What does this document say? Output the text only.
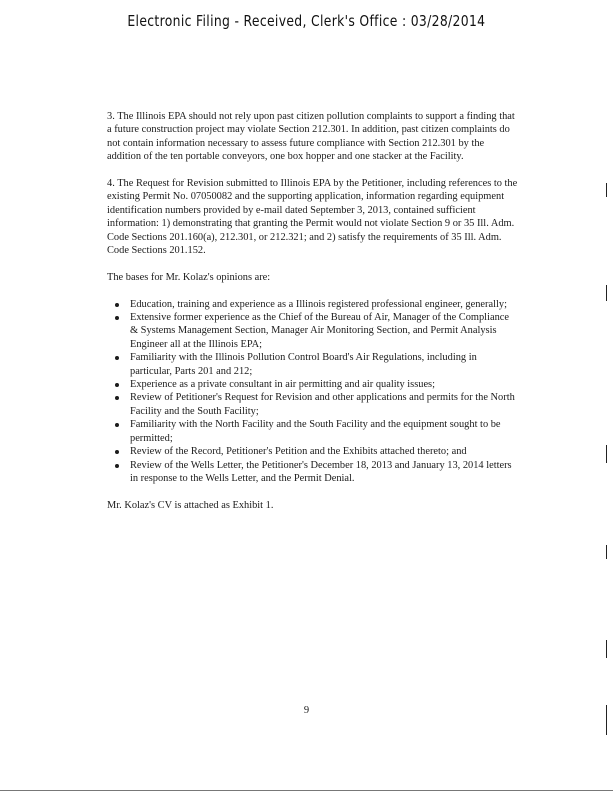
Electronic Filing - Received, Clerk's Office : 03/28/2014

3. The Illinois EPA should not rely upon past citizen pollution complaints to support a finding that a future construction project may violate Section 212.301. In addition, past citizen complaints do not contain information necessary to assess future compliance with Section 212.301 by the addition of the ten portable conveyors, one box hopper and one stacker at the Facility.

4. The Request for Revision submitted to Illinois EPA by the Petitioner, including references to the existing Permit No. 07050082 and the supporting application, information regarding equipment identification numbers provided by e-mail dated September 3, 2013, contained sufficient information: 1) demonstrating that granting the Permit would not violate Section 9 or 35 Ill. Adm. Code Sections 201.160(a), 212.301, or 212.321; and 2) satisfy the requirements of 35 Ill. Adm. Code Sections 201.152.

The bases for Mr. Kolaz's opinions are:

Education, training and experience as a Illinois registered professional engineer, generally;
Extensive former experience as the Chief of the Bureau of Air, Manager of the Compliance & Systems Management Section, Manager Air Monitoring Section, and Permit Analysis Engineer all at the Illinois EPA;
Familiarity with the Illinois Pollution Control Board's Air Regulations, including in particular, Parts 201 and 212;
Experience as a private consultant in air permitting and air quality issues;
Review of Petitioner's Request for Revision and other applications and permits for the North Facility and the South Facility;
Familiarity with the North Facility and the South Facility and the equipment sought to be permitted;
Review of the Record, Petitioner's Petition and the Exhibits attached thereto; and
Review of the Wells Letter, the Petitioner's December 18, 2013 and January 13, 2014 letters in response to the Wells Letter, and the Permit Denial.

Mr. Kolaz's CV is attached as Exhibit 1.

9
